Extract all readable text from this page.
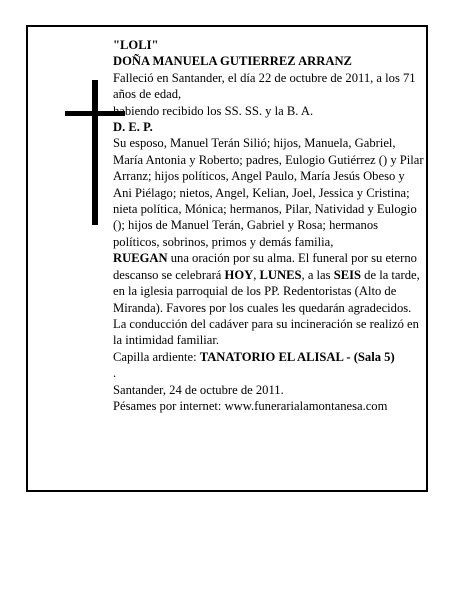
"LOLI"

DOÑA MANUELA GUTIERREZ ARRANZ

Falleció en Santander, el día 22 de octubre de 2011, a los 71 años de edad,

habiendo recibido los SS. SS. y la B. A.

D. E. P.

Su esposo, Manuel Terán Silió; hijos, Manuela, Gabriel, María Antonia y Roberto; padres, Eulogio Gutiérrez () y Pilar Arranz; hijos políticos, Angel Paulo, María Jesús Obeso y Ani Piélago; nietos, Angel, Kelian, Joel, Jessica y Cristina; nieta política, Mónica; hermanos, Pilar, Natividad y Eulogio (); hijos de Manuel Terán, Gabriel y Rosa; hermanos políticos, sobrinos, primos y demás familia,

RUEGAN una oración por su alma. El funeral por su eterno descanso se celebrará HOY, LUNES, a las SEIS de la tarde, en la iglesia parroquial de los PP. Redentoristas (Alto de Miranda). Favores por los cuales les quedarán agradecidos. La conducción del cadáver para su incineración se realizó en la intimidad familiar.

Capilla ardiente: TANATORIO EL ALISAL - (Sala 5)

.

Santander, 24 de octubre de 2011.

Pésames por internet: www.funerarialamontanesa.com
